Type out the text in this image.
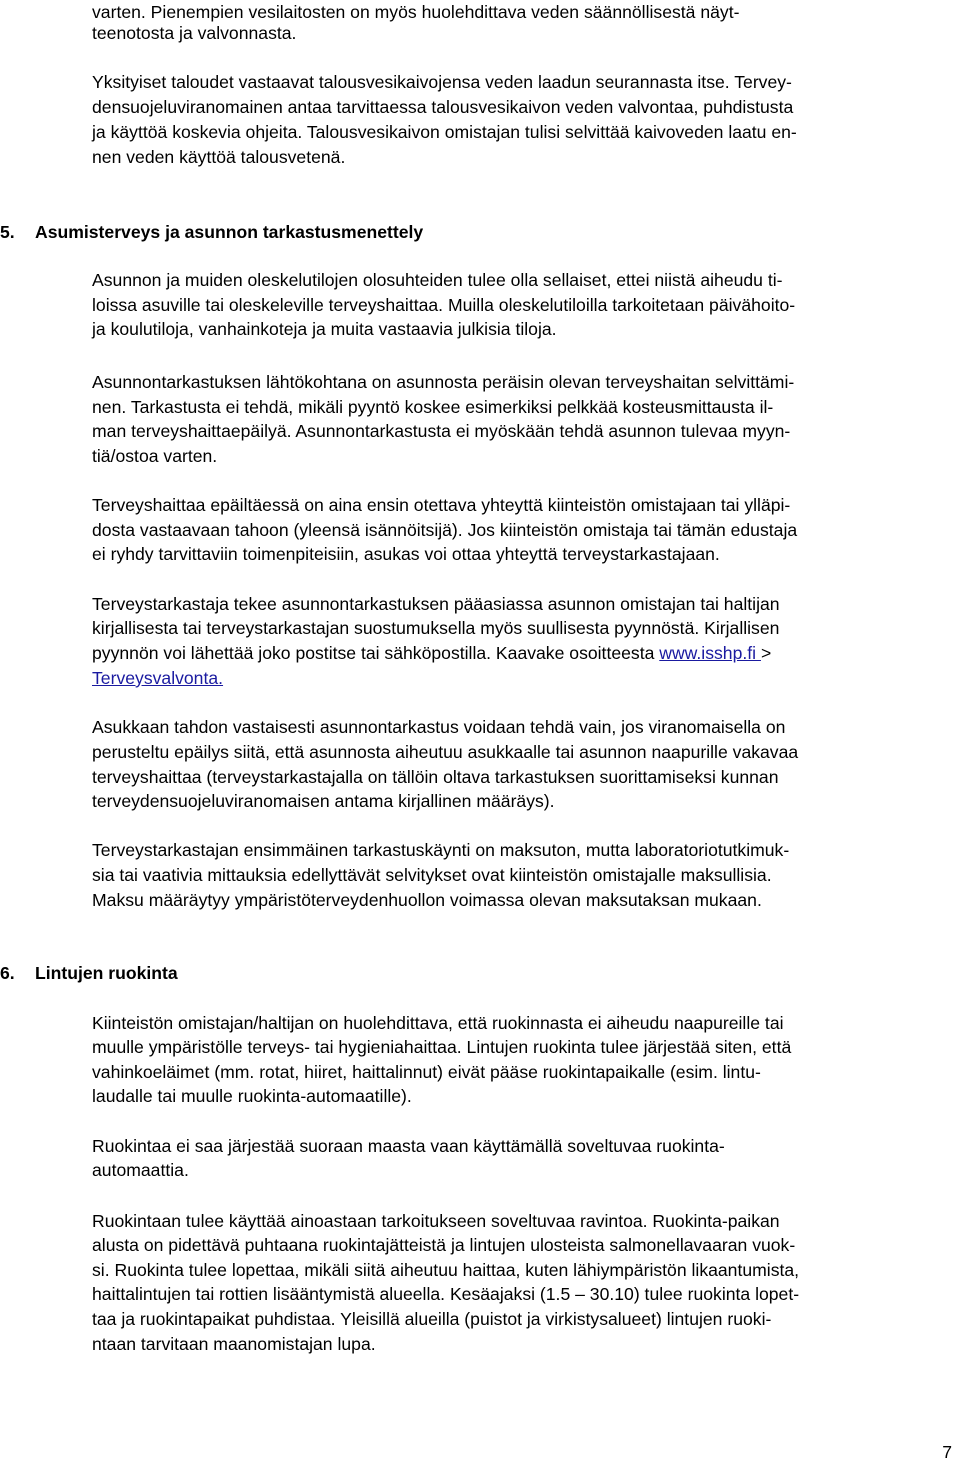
varten. Pienempien vesilaitosten on myös huolehdittava veden säännöllisestä näyt-
teenotosta ja valvonnasta.
Yksityiset taloudet vastaavat talousvesikaivojensa veden laadun seurannasta itse. Tervey-
densuojeluviranomainen antaa tarvittaessa talousvesikaivon veden valvontaa, puhdistusta
ja käyttöä koskevia ohjeita. Talousvesikaivon omistajan tulisi selvittää kaivoveden laatu en-
nen veden käyttöä talousvetenä.
5. Asumisterveys ja asunnon tarkastusmenettely
Asunnon ja muiden oleskelutilojen olosuhteiden tulee olla sellaiset, ettei niistä aiheudu ti-
loissa asuville tai oleskeleville terveyshaittaa. Muilla oleskelutiloilla tarkoitetaan päivähoito-
ja koulutiloja, vanhainkoteja ja muita vastaavia julkisia tiloja.
Asunnontarkastuksen lähtökohtana on asunnosta peräisin olevan terveyshaitan selvittämi-
nen. Tarkastusta ei tehdä, mikäli pyyntö koskee esimerkiksi pelkkää kosteusmittausta il-
man terveyshaittaepäilyä. Asunnontarkastusta ei myöskään tehdä asunnon tulevaa myyn-
tiä/ostoa varten.
Terveyshaittaa epäiltäessä on aina ensin otettava yhteyttä kiinteistön omistajaan tai ylläpi-
dosta vastaavaan tahoon (yleensä isännöitsijä). Jos kiinteistön omistaja tai tämän edustaja
ei ryhdy tarvittaviin toimenpiteisiin, asukas voi ottaa yhteyttä terveystarkastajaan.
Terveystarkastaja tekee asunnontarkastuksen pääasiassa asunnon omistajan tai haltijan
kirjallisesta tai terveystarkastajan suostumuksella myös suullisesta pyynnöstä. Kirjallisen
pyynnön voi lähettää joko postitse tai sähköpostilla. Kaavake osoitteesta www.isshp.fi >
Terveysvalvonta.
Asukkaan tahdon vastaisesti asunnontarkastus voidaan tehdä vain, jos viranomaisella on
perusteltu epäilys siitä, että asunnosta aiheutuu asukkaalle tai asunnon naapurille vakavaa
terveyshaittaa (terveystarkastajalla on tällöin oltava tarkastuksen suorittamiseksi kunnan
terveydensuojeluviranomaisen antama kirjallinen määräys).
Terveystarkastajan ensimmäinen tarkastuskäynti on maksuton, mutta laboratoriotutkimuk-
sia tai vaativia mittauksia edellyttävät selvitykset ovat kiinteistön omistajalle maksullisia.
Maksu määräytyy ympäristöterveydenhuollon voimassa olevan maksutaksan mukaan.
6. Lintujen ruokinta
Kiinteistön omistajan/haltijan on huolehdittava, että ruokinnasta ei aiheudu naapureille tai
muulle ympäristölle terveys- tai hygieniahaittaa. Lintujen ruokinta tulee järjestää siten, että
vahinkoeläimet (mm. rotat, hiiret, haittalinnut) eivät pääse ruokintapaikalle (esim. lintu-
laudalle tai muulle ruokinta-automaatille).
Ruokintaa ei saa järjestää suoraan maasta vaan käyttämällä soveltuvaa ruokinta-
automaattia.
Ruokintaan tulee käyttää ainoastaan tarkoitukseen soveltuvaa ravintoa. Ruokinta-paikan
alusta on pidettävä puhtaana ruokintajätteistä ja lintujen ulosteista salmonellavaaran vuok-
si. Ruokinta tulee lopettaa, mikäli siitä aiheutuu haittaa, kuten lähiympäristön likaantumista,
haittalintujen tai rottien lisääntymistä alueella. Kesäajaksi (1.5 – 30.10) tulee ruokinta lopet-
taa ja ruokintapaikat puhdistaa. Yleisillä alueilla (puistot ja virkistysalueet) lintujen ruoki-
ntaan tarvitaan maanomistajan lupa.
7
